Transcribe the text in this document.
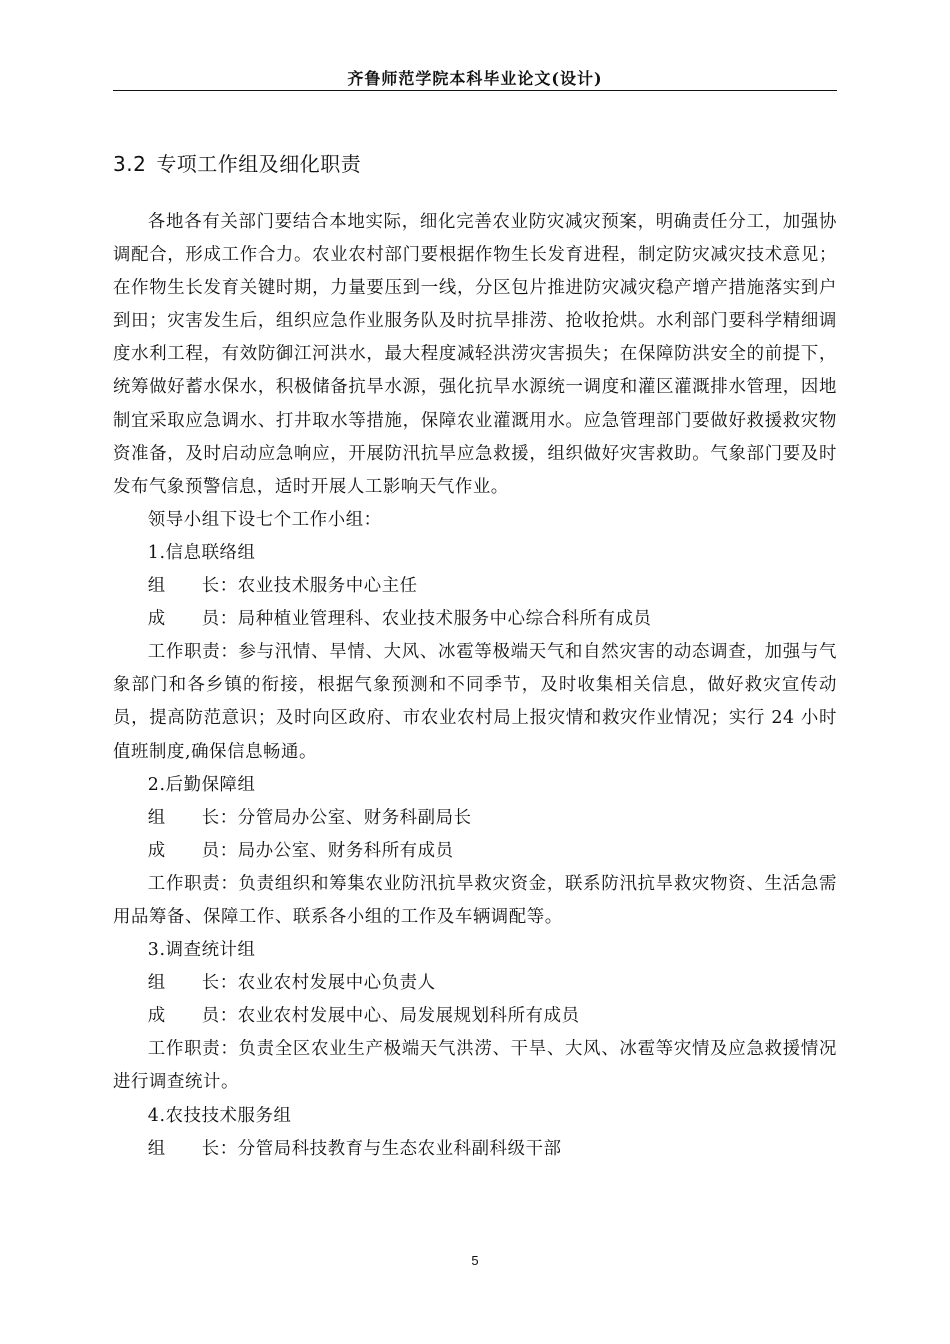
齐鲁师范学院本科毕业论文(设计)
3.2 专项工作组及细化职责

各地各有关部门要结合本地实际，细化完善农业防灾减灾预案，明确责任分工，加强协调配合，形成工作合力。农业农村部门要根据作物生长发育进程，制定防灾减灾技术意见；在作物生长发育关键时期，力量要压到一线，分区包片推进防灾减灾稳产增产措施落实到户到田；灾害发生后，组织应急作业服务队及时抗旱排涝、抢收抢烘。水利部门要科学精细调度水利工程，有效防御江河洪水，最大程度减轻洪涝灾害损失；在保障防洪安全的前提下，统筹做好蓄水保水，积极储备抗旱水源，强化抗旱水源统一调度和灌区灌溉排水管理，因地制宜采取应急调水、打井取水等措施，保障农业灌溉用水。应急管理部门要做好救援救灾物资准备，及时启动应急响应，开展防汛抗旱应急救援，组织做好灾害救助。气象部门要及时发布气象预警信息，适时开展人工影响天气作业。

领导小组下设七个工作小组：

1.信息联络组

组　　长：农业技术服务中心主任

成　　员：局种植业管理科、农业技术服务中心综合科所有成员

工作职责：参与汛情、旱情、大风、冰雹等极端天气和自然灾害的动态调查，加强与气象部门和各乡镇的衔接，根据气象预测和不同季节，及时收集相关信息，做好救灾宣传动员，提高防范意识；及时向区政府、市农业农村局上报灾情和救灾作业情况；实行 24 小时值班制度,确保信息畅通。

2.后勤保障组

组　　长：分管局办公室、财务科副局长

成　　员：局办公室、财务科所有成员

工作职责：负责组织和筹集农业防汛抗旱救灾资金，联系防汛抗旱救灾物资、生活急需用品筹备、保障工作、联系各小组的工作及车辆调配等。

3.调查统计组

组　　长：农业农村发展中心负责人

成　　员：农业农村发展中心、局发展规划科所有成员

工作职责：负责全区农业生产极端天气洪涝、干旱、大风、冰雹等灾情及应急救援情况进行调查统计。

4.农技技术服务组

组　　长：分管局科技教育与生态农业科副科级干部

5
